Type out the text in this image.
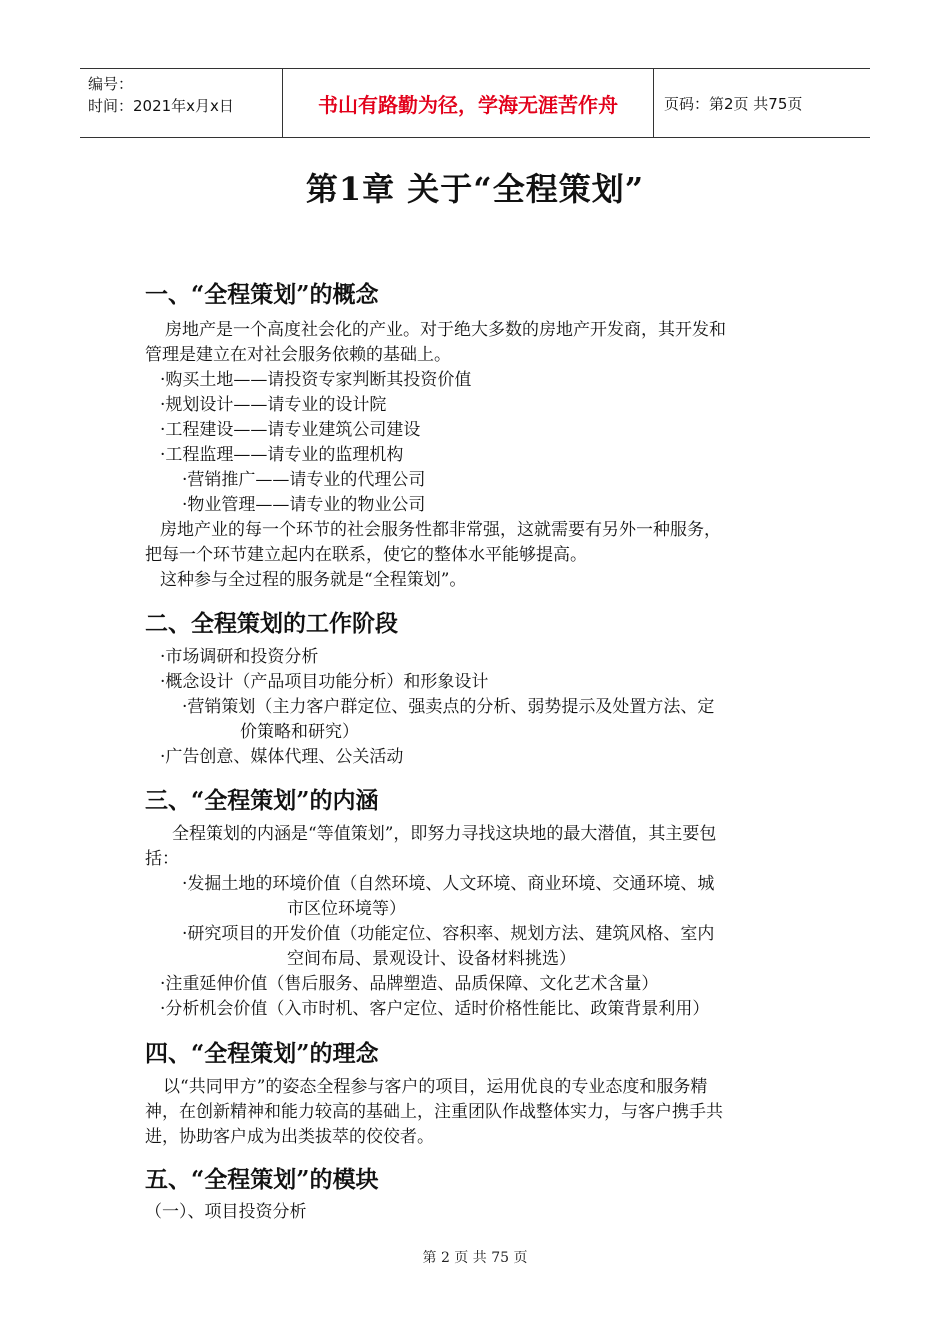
编号：
时间：2021年x月x日	书山有路勤为径，学海无涯苦作舟	页码：第2页 共75页
第1章 关于“全程策划”
一、“全程策划”的概念
房地产是一个高度社会化的产业。对于绝大多数的房地产开发商，其开发和
管理是建立在对社会服务依赖的基础上。
·购买土地——请投资专家判断其投资价值
·规划设计——请专业的设计院
·工程建设——请专业建筑公司建设
·工程监理——请专业的监理机构
·营销推广——请专业的代理公司
·物业管理——请专业的物业公司
房地产业的每一个环节的社会服务性都非常强，这就需要有另外一种服务，
把每一个环节建立起内在联系，使它的整体水平能够提高。
这种参与全过程的服务就是“全程策划”。
二、全程策划的工作阶段
·市场调研和投资分析
·概念设计（产品项目功能分析）和形象设计
·营销策划（主力客户群定位、强卖点的分析、弱势提示及处置方法、定
价策略和研究）
·广告创意、媒体代理、公关活动
三、“全程策划”的内涵
全程策划的内涵是“等值策划”，即努力寻找这块地的最大潜值，其主要包
括：
·发掘土地的环境价值（自然环境、人文环境、商业环境、交通环境、城
市区位环境等）
·研究项目的开发价值（功能定位、容积率、规划方法、建筑风格、室内
空间布局、景观设计、设备材料挑选）
·注重延伸价值（售后服务、品牌塑造、品质保障、文化艺术含量）
·分析机会价值（入市时机、客户定位、适时价格性能比、政策背景利用）
四、“全程策划”的理念
以“共同甲方”的姿态全程参与客户的项目，运用优良的专业态度和服务精
神，在创新精神和能力较高的基础上，注重团队作战整体实力，与客户携手共
进，协助客户成为出类拔萃的佼佼者。
五、“全程策划”的模块
（一）、项目投资分析
第 2 页 共 75 页
